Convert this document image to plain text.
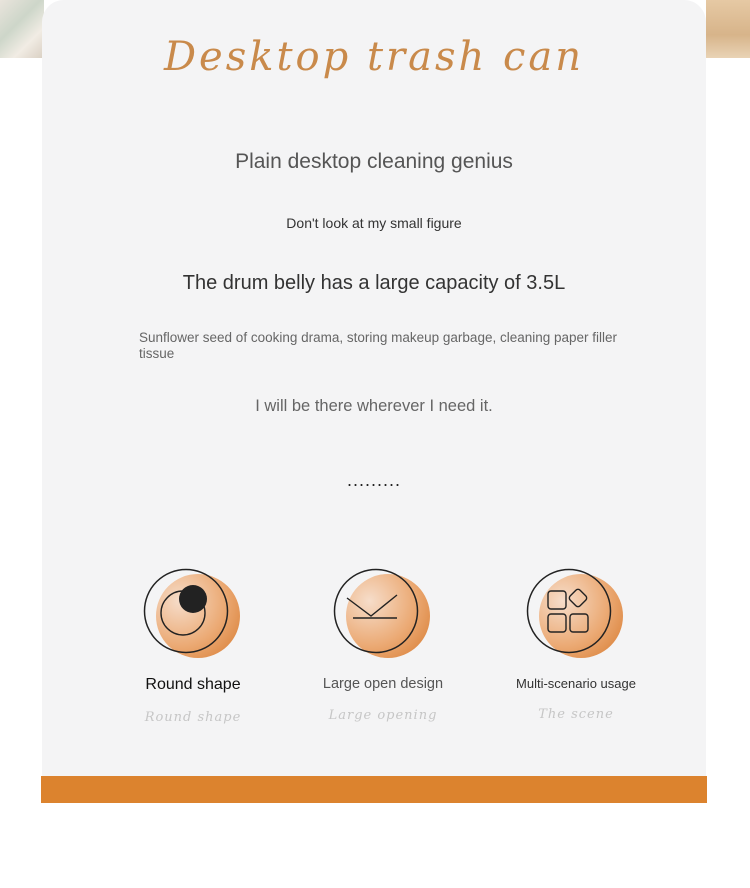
Desktop trash can
Plain desktop cleaning genius
Don't look at my small figure
The drum belly has a large capacity of 3.5L
Sunflower seed of cooking drama, storing makeup garbage, cleaning paper filler tissue
I will be there wherever I need it.
.........
Round shape
Round shape
Large open design
Large opening
Multi-scenario usage
The scene
